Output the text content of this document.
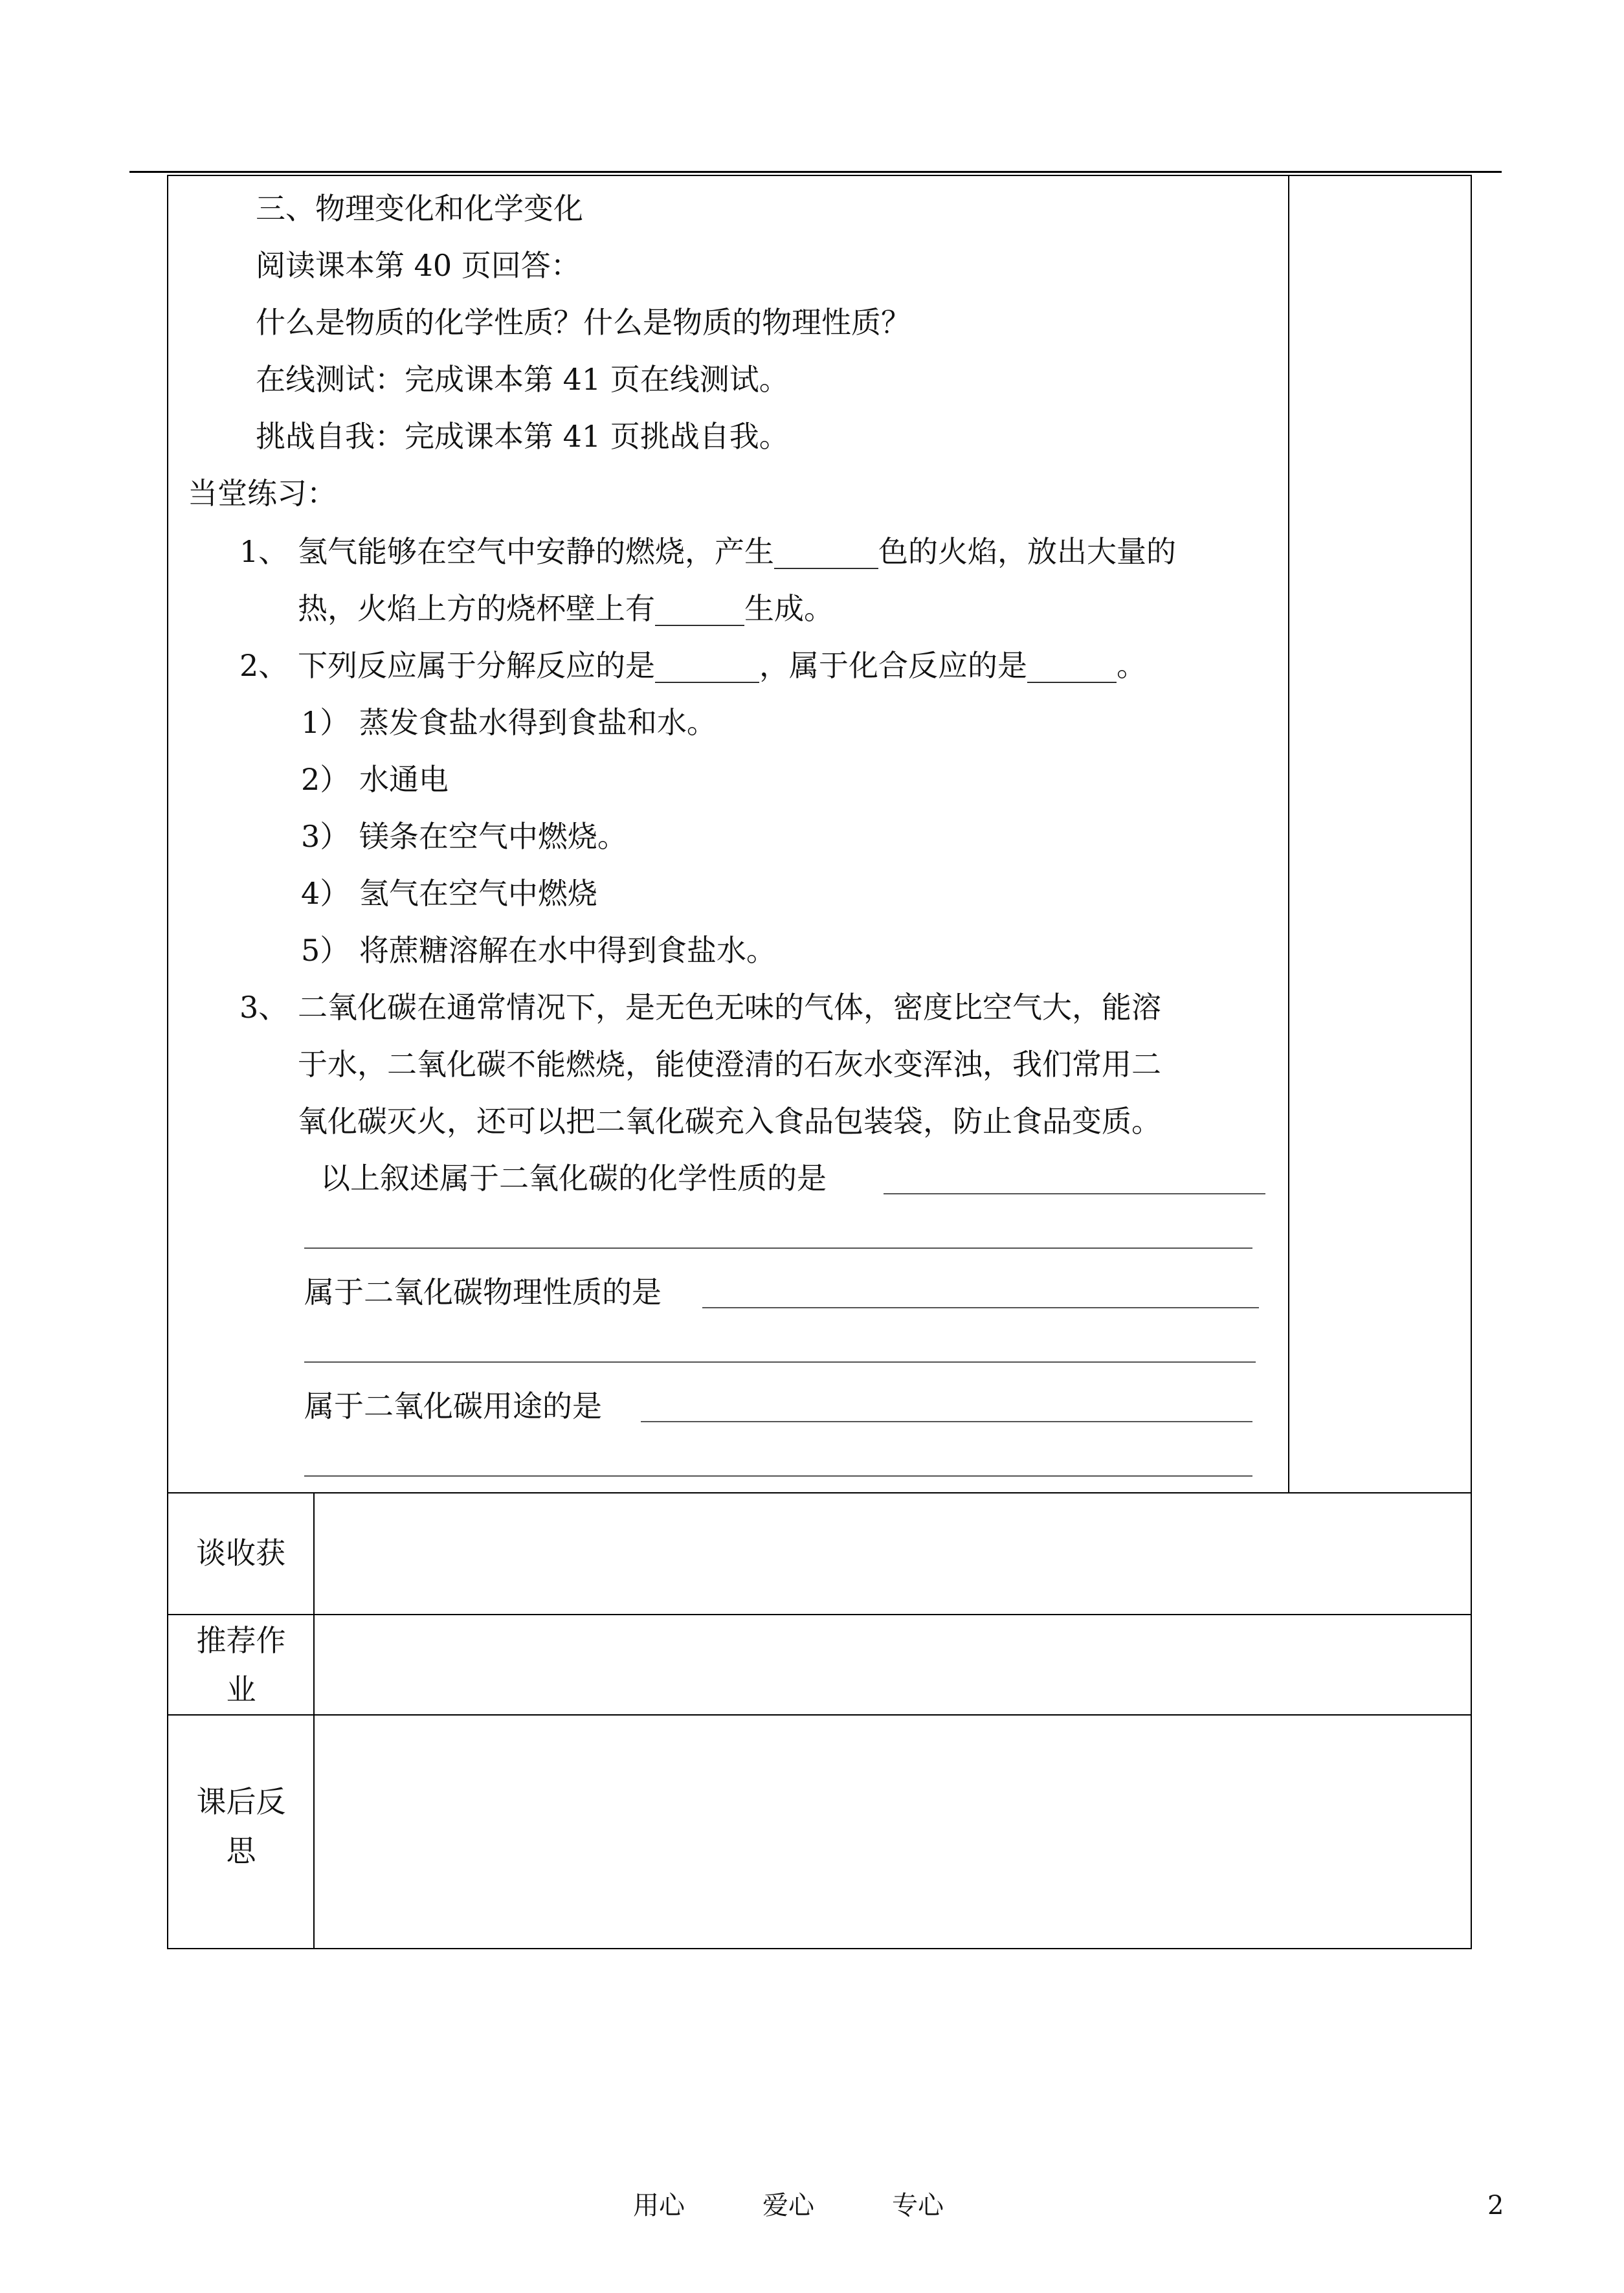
三、物理变化和化学变化
阅读课本第 40 页回答：
什么是物质的化学性质？什么是物质的物理性质？
在线测试：完成课本第 41 页在线测试。
挑战自我：完成课本第 41 页挑战自我。
当堂练习：
1、 氢气能够在空气中安静的燃烧，产生_______色的火焰，放出大量的
热，火焰上方的烧杯壁上有______生成。
2、 下列反应属于分解反应的是_______，属于化合反应的是______。
1） 蒸发食盐水得到食盐和水。
2） 水通电
3） 镁条在空气中燃烧。
4） 氢气在空气中燃烧
5） 将蔗糖溶解在水中得到食盐水。
3、 二氧化碳在通常情况下，是无色无味的气体，密度比空气大，能溶
于水，二氧化碳不能燃烧，能使澄清的石灰水变浑浊，我们常用二
氧化碳灭火，还可以把二氧化碳充入食品包装袋，防止食品变质。
以上叙述属于二氧化碳的化学性质的是
属于二氧化碳物理性质的是
属于二氧化碳用途的是
谈收获
推荐作业
课后反思
用心	爱心	专心	2
